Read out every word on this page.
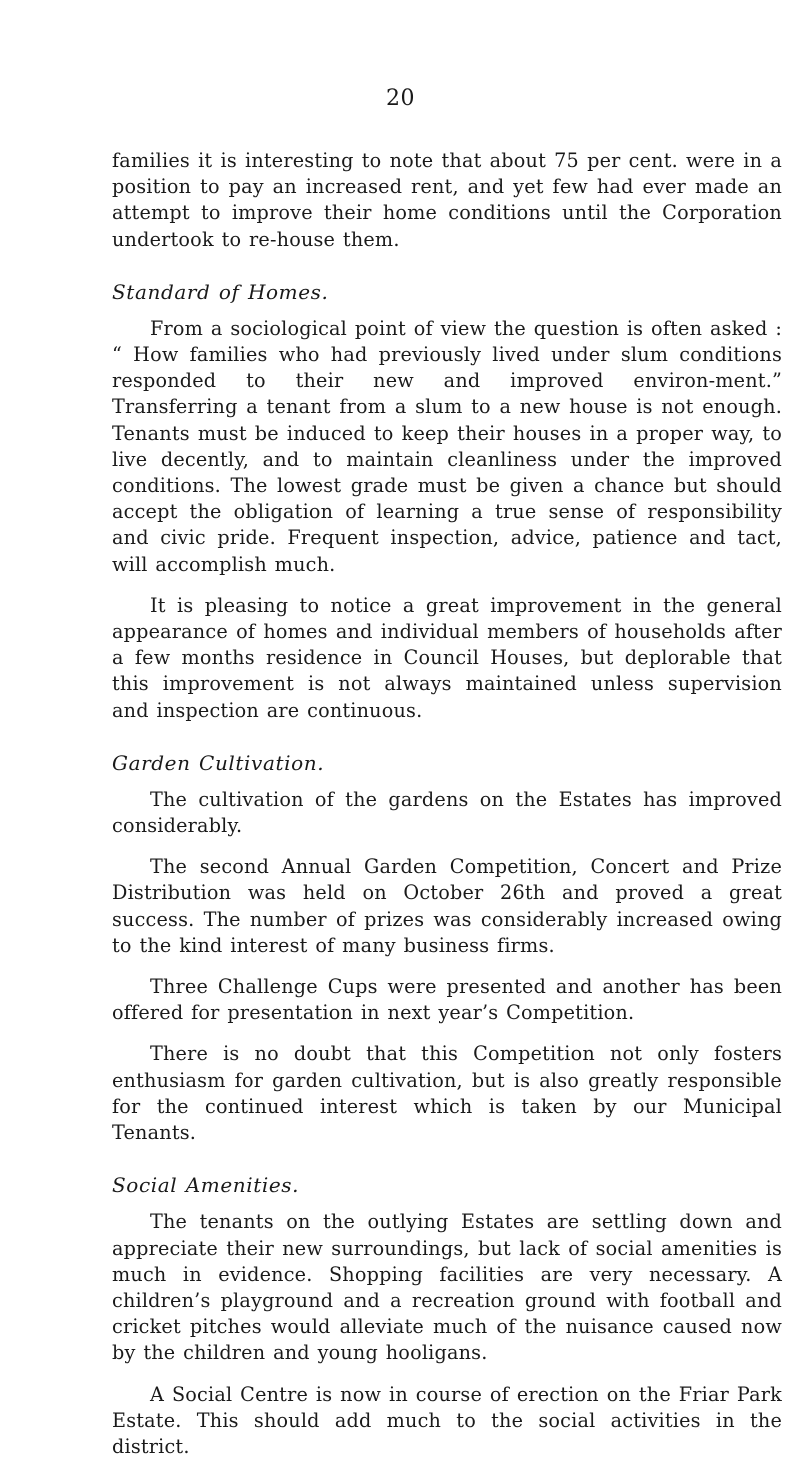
20

families it is interesting to note that about 75 per cent. were in a position to pay an increased rent, and yet few had ever made an attempt to improve their home conditions until the Corporation undertook to re-house them.

Standard of Homes.

From a sociological point of view the question is often asked : “ How families who had previously lived under slum conditions responded to their new and improved environ-ment.” Transferring a tenant from a slum to a new house is not enough. Tenants must be induced to keep their houses in a proper way, to live decently, and to maintain cleanliness under the improved conditions. The lowest grade must be given a chance but should accept the obligation of learning a true sense of responsibility and civic pride. Frequent inspection, advice, patience and tact, will accomplish much.

It is pleasing to notice a great improvement in the general appearance of homes and individual members of households after a few months residence in Council Houses, but deplorable that this improvement is not always maintained unless supervision and inspection are continuous.

Garden Cultivation.

The cultivation of the gardens on the Estates has improved considerably.

The second Annual Garden Competition, Concert and Prize Distribution was held on October 26th and proved a great success. The number of prizes was considerably increased owing to the kind interest of many business firms.

Three Challenge Cups were presented and another has been offered for presentation in next year’s Competition.

There is no doubt that this Competition not only fosters enthusiasm for garden cultivation, but is also greatly responsible for the continued interest which is taken by our Municipal Tenants.

Social Amenities.

The tenants on the outlying Estates are settling down and appreciate their new surroundings, but lack of social amenities is much in evidence. Shopping facilities are very necessary. A children’s playground and a recreation ground with football and cricket pitches would alleviate much of the nuisance caused now by the children and young hooligans.

A Social Centre is now in course of erection on the Friar Park Estate. This should add much to the social activities in the district.
